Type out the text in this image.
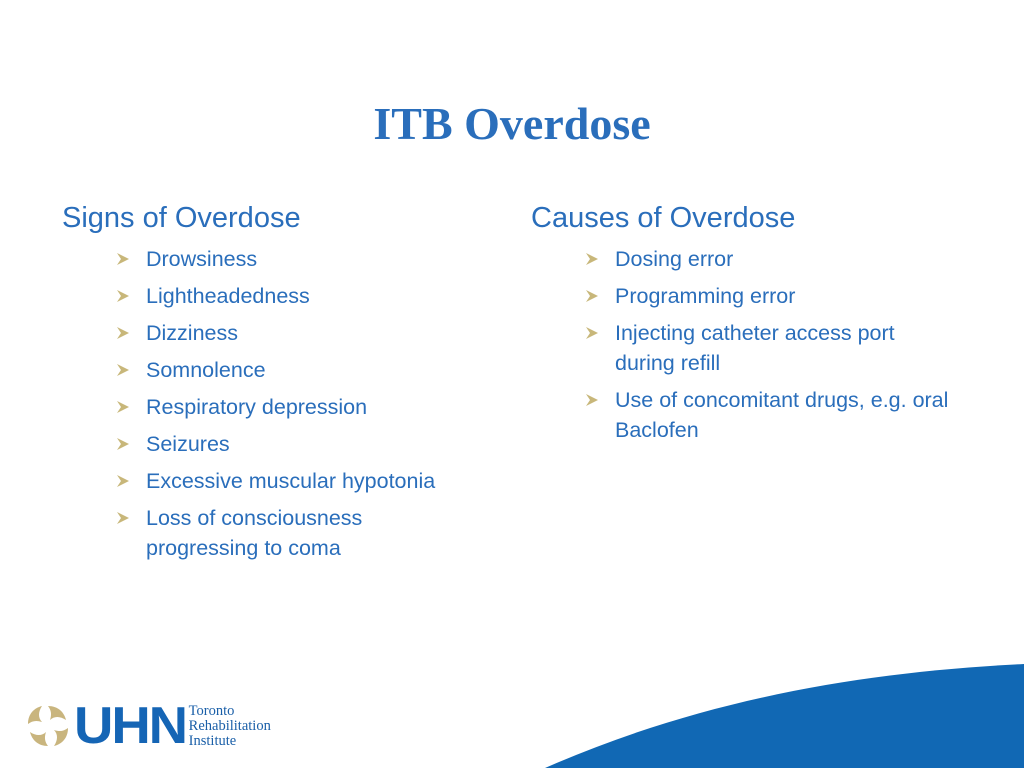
ITB Overdose
Signs of Overdose
Drowsiness
Lightheadedness
Dizziness
Somnolence
Respiratory depression
Seizures
Excessive muscular hypotonia
Loss of consciousness progressing to coma
Causes of Overdose
Dosing error
Programming error
Injecting catheter access port during refill
Use of concomitant drugs, e.g. oral Baclofen
UHN Toronto
Rehabilitation
Institute
